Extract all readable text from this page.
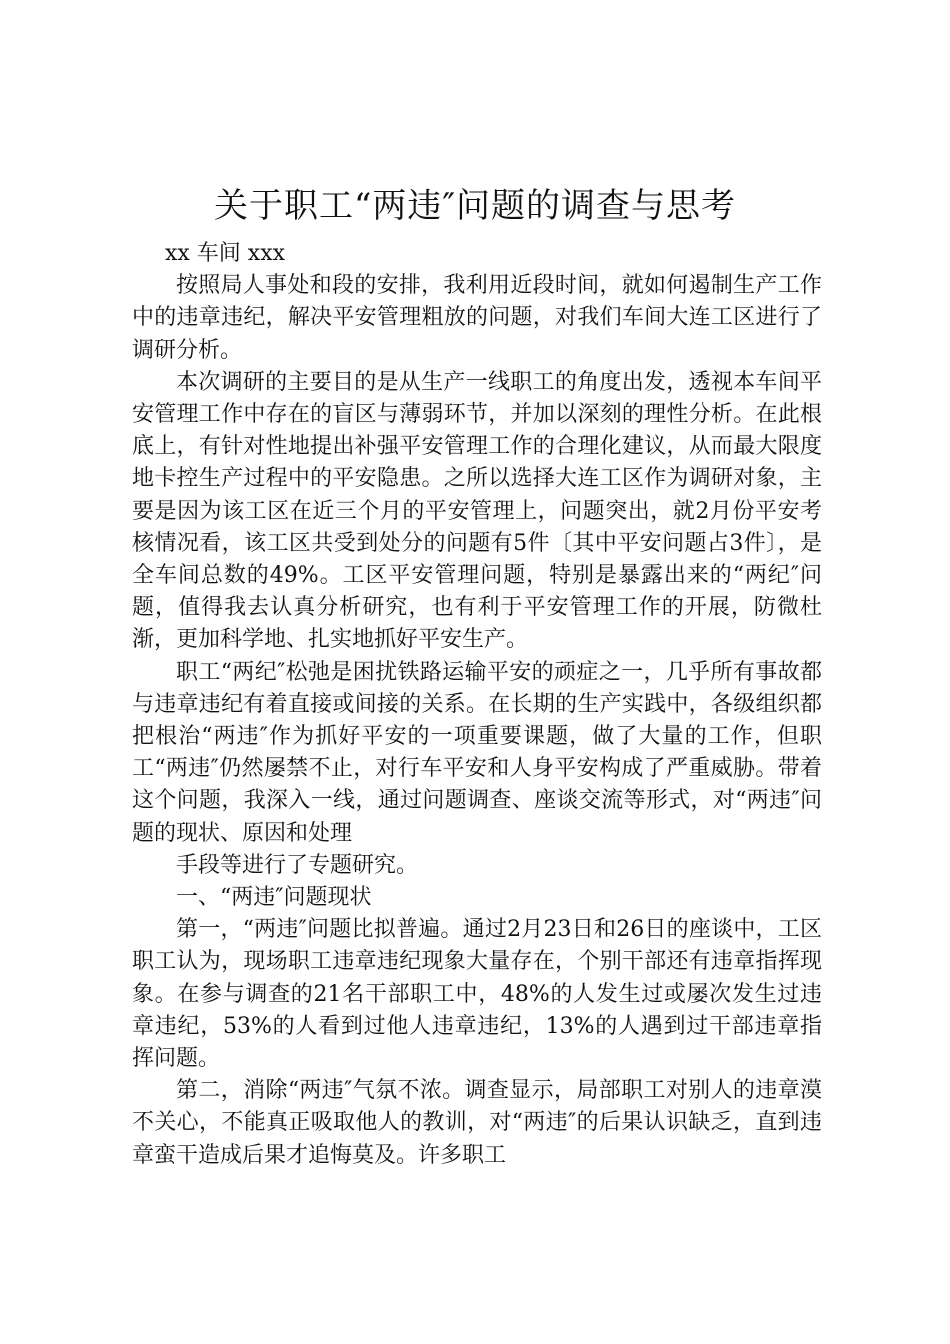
关于职工“两违″问题的调查与思考

xx 车间 xxx

按照局人事处和段的安排，我利用近段时间，就如何遏制生产工作中的违章违纪，解决平安管理粗放的问题，对我们车间大连工区进行了调研分析。

本次调研的主要目的是从生产一线职工的角度出发，透视本车间平安管理工作中存在的盲区与薄弱环节，并加以深刻的理性分析。在此根底上，有针对性地提出补强平安管理工作的合理化建议，从而最大限度地卡控生产过程中的平安隐患。之所以选择大连工区作为调研对象，主要是因为该工区在近三个月的平安管理上，问题突出，就2月份平安考核情况看，该工区共受到处分的问题有5件〔其中平安问题占3件〕，是全车间总数的49%。工区平安管理问题，特别是暴露出来的“两纪″问题，值得我去认真分析研究，也有利于平安管理工作的开展，防微杜渐，更加科学地、扎实地抓好平安生产。

职工“两纪″松弛是困扰铁路运输平安的顽症之一，几乎所有事故都与违章违纪有着直接或间接的关系。在长期的生产实践中，各级组织都把根治“两违″作为抓好平安的一项重要课题，做了大量的工作，但职工“两违″仍然屡禁不止，对行车平安和人身平安构成了严重威胁。带着这个问题，我深入一线，通过问题调查、座谈交流等形式，对“两违″问题的现状、原因和处理

手段等进行了专题研究。

一、“两违″问题现状

第一，“两违″问题比拟普遍。通过2月23日和26日的座谈中，工区职工认为，现场职工违章违纪现象大量存在，个别干部还有违章指挥现象。在参与调查的21名干部职工中，48%的人发生过或屡次发生过违章违纪，53%的人看到过他人违章违纪，13%的人遇到过干部违章指挥问题。

第二，消除“两违″气氛不浓。调查显示，局部职工对别人的违章漠不关心，不能真正吸取他人的教训，对“两违″的后果认识缺乏，直到违章蛮干造成后果才追悔莫及。许多职工
